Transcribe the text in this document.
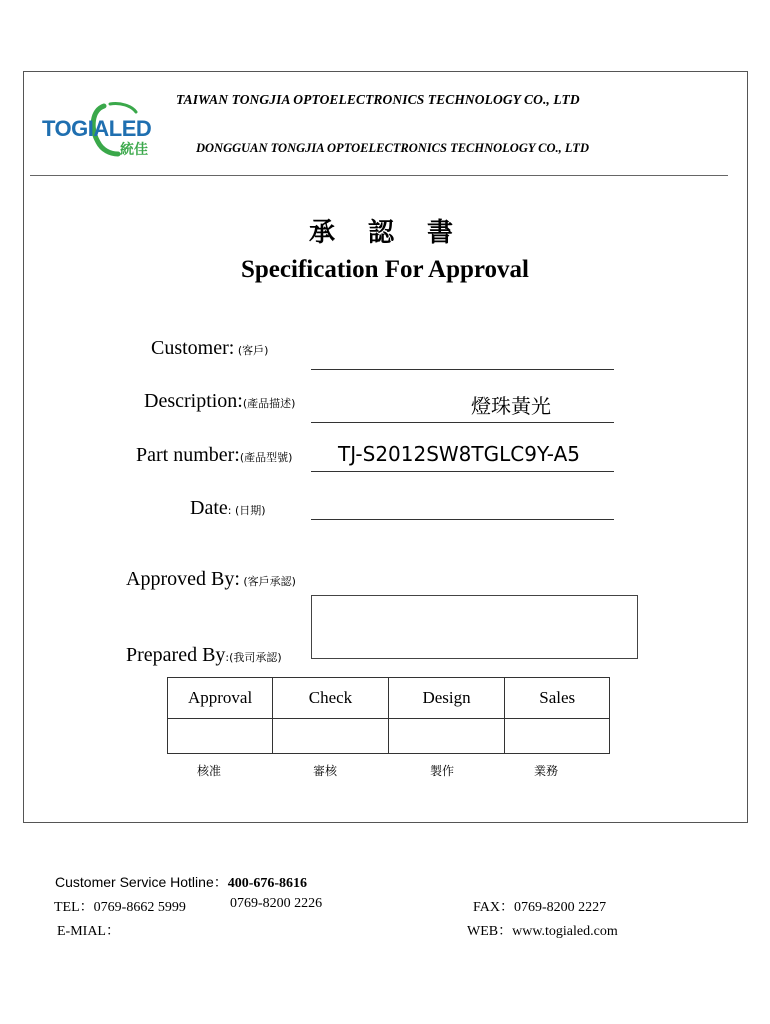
TOGIALED
統佳
TAIWAN TONGJIA OPTOELECTRONICS TECHNOLOGY CO., LTD
DONGGUAN TONGJIA OPTOELECTRONICS TECHNOLOGY CO., LTD
承 認 書
Specification For Approval
Customer: (客戶)
Description:(產品描述)	燈珠黃光
Part number:(產品型號) TJ-S2012SW8TGLC9Y-A5
Date: (日期)
Approved By: (客戶承認)
Prepared By:(我司承認)
Approval	Check	Design	Sales

核准	審核	製作	業務
Customer Service Hotline：400-676-8616
TEL：0769-8662 5999	0769-8200 2226	FAX：0769-8200 2227
E-MIAL：	WEB：www.togialed.com
